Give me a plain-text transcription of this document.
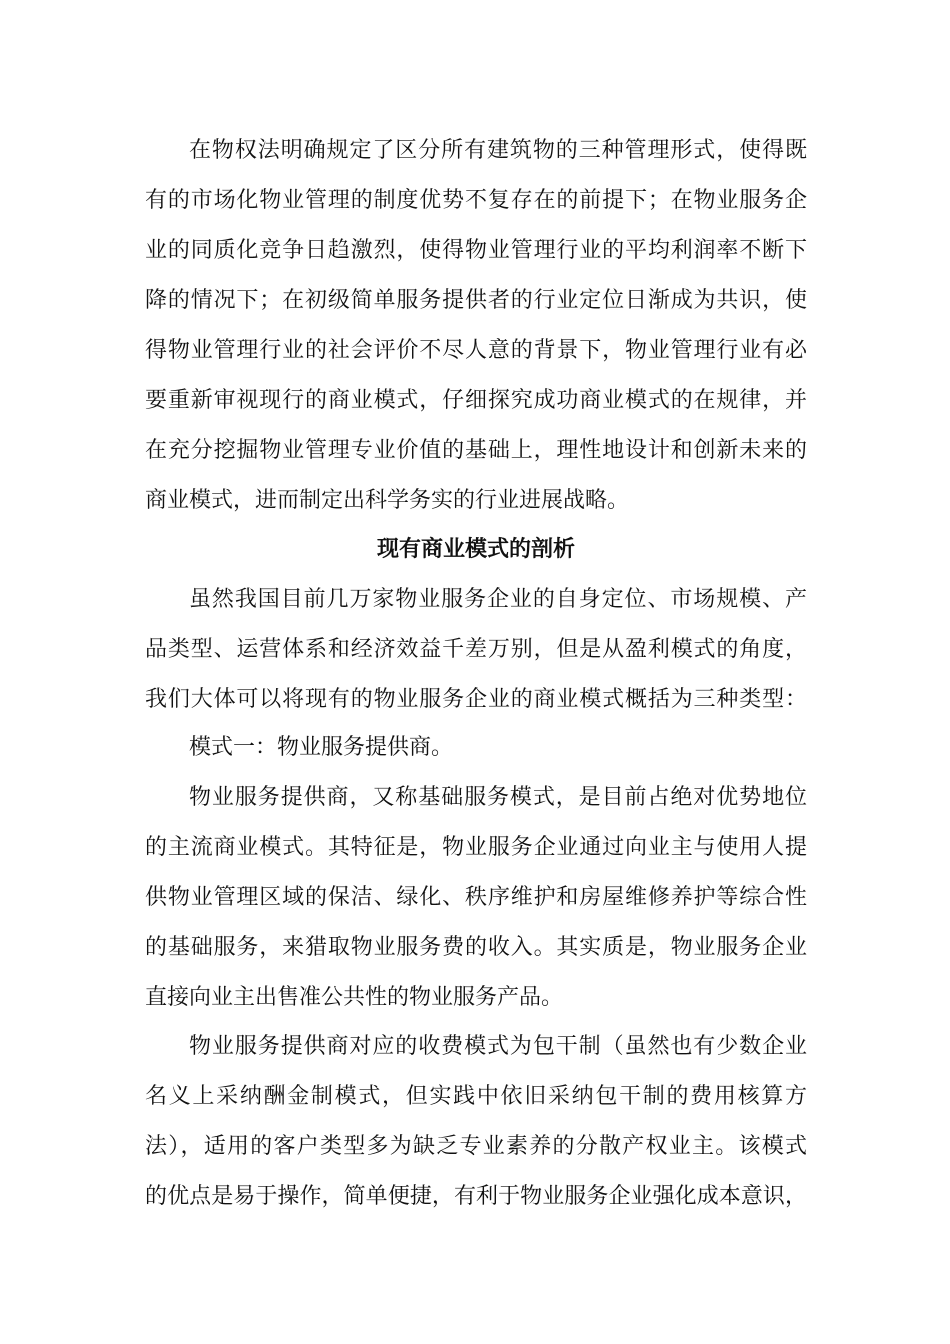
在物权法明确规定了区分所有建筑物的三种管理形式，使得既
有的市场化物业管理的制度优势不复存在的前提下；在物业服务企
业的同质化竞争日趋激烈，使得物业管理行业的平均利润率不断下
降的情况下；在初级简单服务提供者的行业定位日渐成为共识，使
得物业管理行业的社会评价不尽人意的背景下，物业管理行业有必
要重新审视现行的商业模式，仔细探究成功商业模式的在规律，并
在充分挖掘物业管理专业价值的基础上，理性地设计和创新未来的
商业模式，进而制定出科学务实的行业进展战略。
现有商业模式的剖析
虽然我国目前几万家物业服务企业的自身定位、市场规模、产
品类型、运营体系和经济效益千差万别，但是从盈利模式的角度，
我们大体可以将现有的物业服务企业的商业模式概括为三种类型：
模式一：物业服务提供商。
物业服务提供商，又称基础服务模式，是目前占绝对优势地位
的主流商业模式。其特征是，物业服务企业通过向业主与使用人提
供物业管理区域的保洁、绿化、秩序维护和房屋维修养护等综合性
的基础服务，来猎取物业服务费的收入。其实质是，物业服务企业
直接向业主出售准公共性的物业服务产品。
物业服务提供商对应的收费模式为包干制（虽然也有少数企业
名义上采纳酬金制模式，但实践中依旧采纳包干制的费用核算方
法），适用的客户类型多为缺乏专业素养的分散产权业主。该模式
的优点是易于操作，简单便捷，有利于物业服务企业强化成本意识，
